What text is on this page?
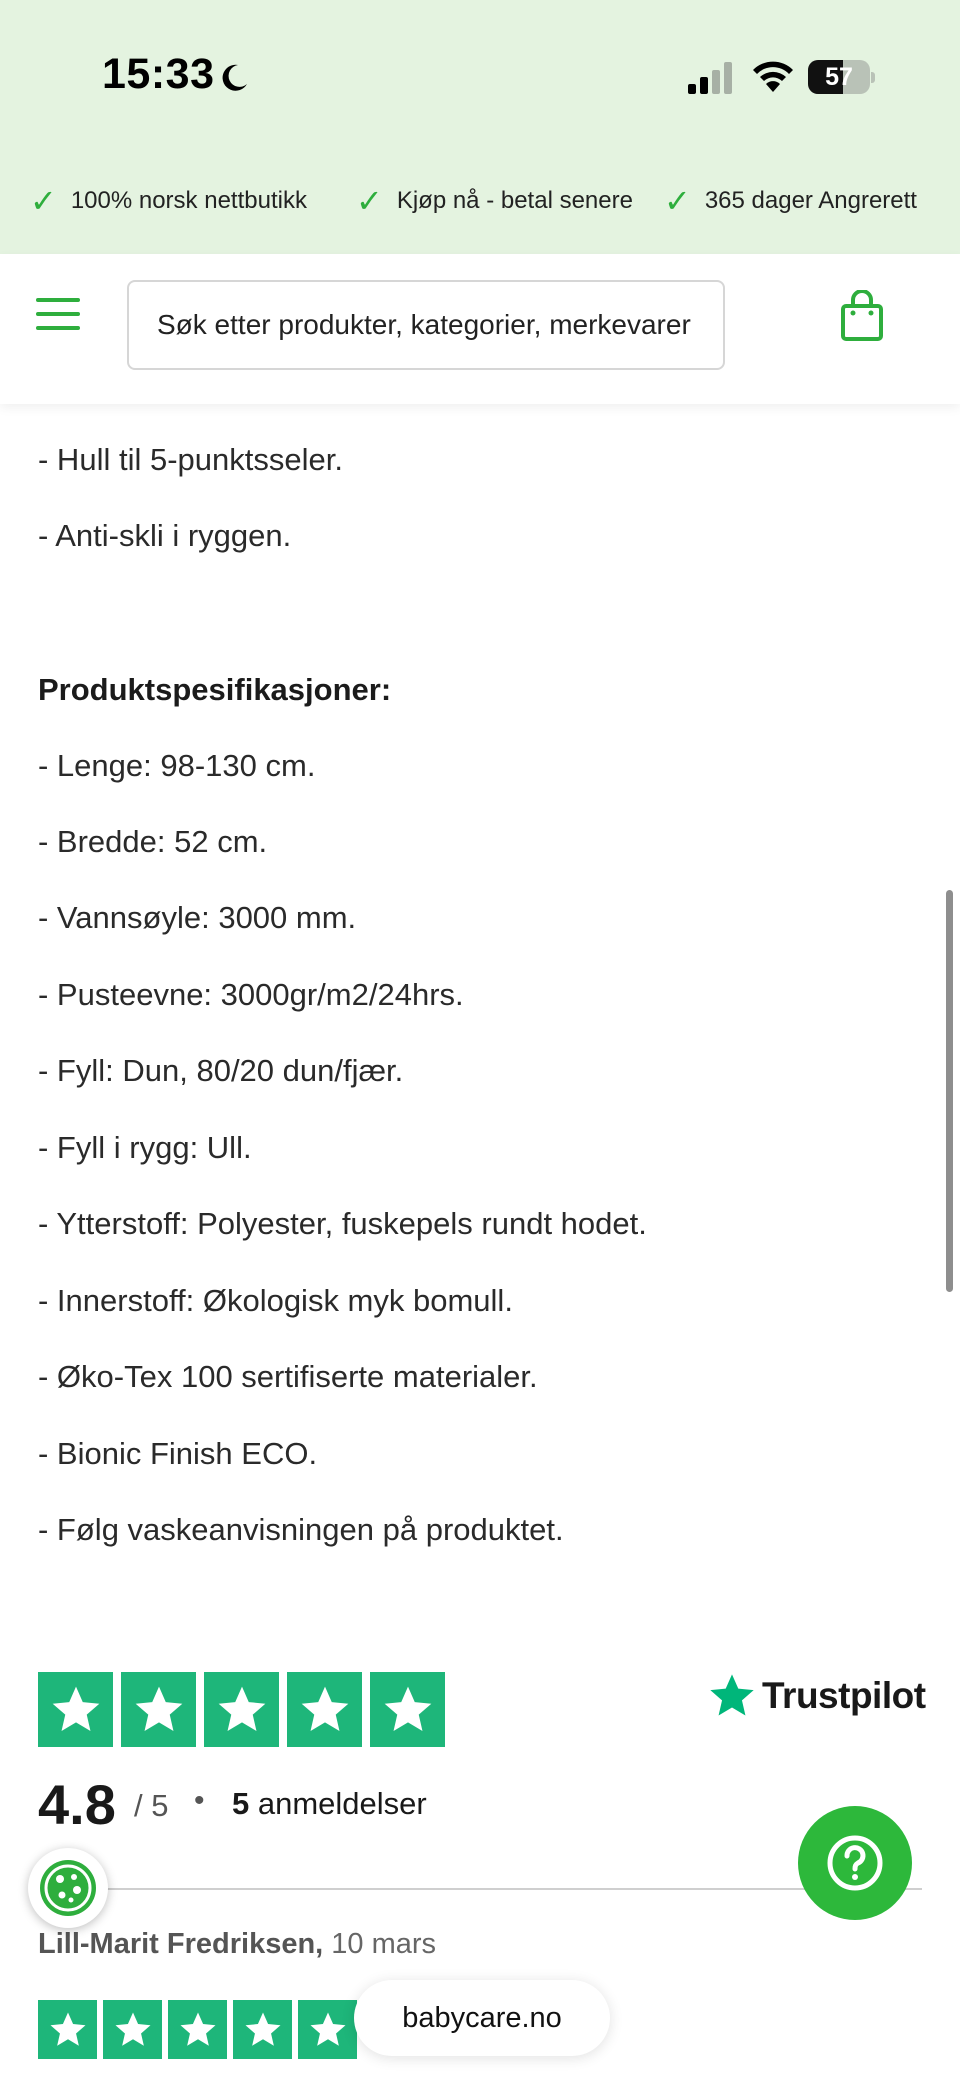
15:33	57
✓ 100% norsk nettbutikk ✓ Kjøp nå - betal senere ✓ 365 dager Angrerett
Søk etter produkter, kategorier, merkevarer
- Hull til 5-punktsseler.
- Anti-skli i ryggen.
Produktspesifikasjoner:
- Lenge: 98-130 cm.
- Bredde: 52 cm.
- Vannsøyle: 3000 mm.
- Pusteevne: 3000gr/m2/24hrs.
- Fyll: Dun, 80/20 dun/fjær.
- Fyll i rygg: Ull.
- Ytterstoff: Polyester, fuskepels rundt hodet.
- Innerstoff: Økologisk myk bomull.
- Øko-Tex 100 sertifiserte materialer.
- Bionic Finish ECO.
- Følg vaskeanvisningen på produktet.
Trustpilot
4.8 / 5 • 5 anmeldelser
Lill-Marit Fredriksen, 10 mars
babycare.no
